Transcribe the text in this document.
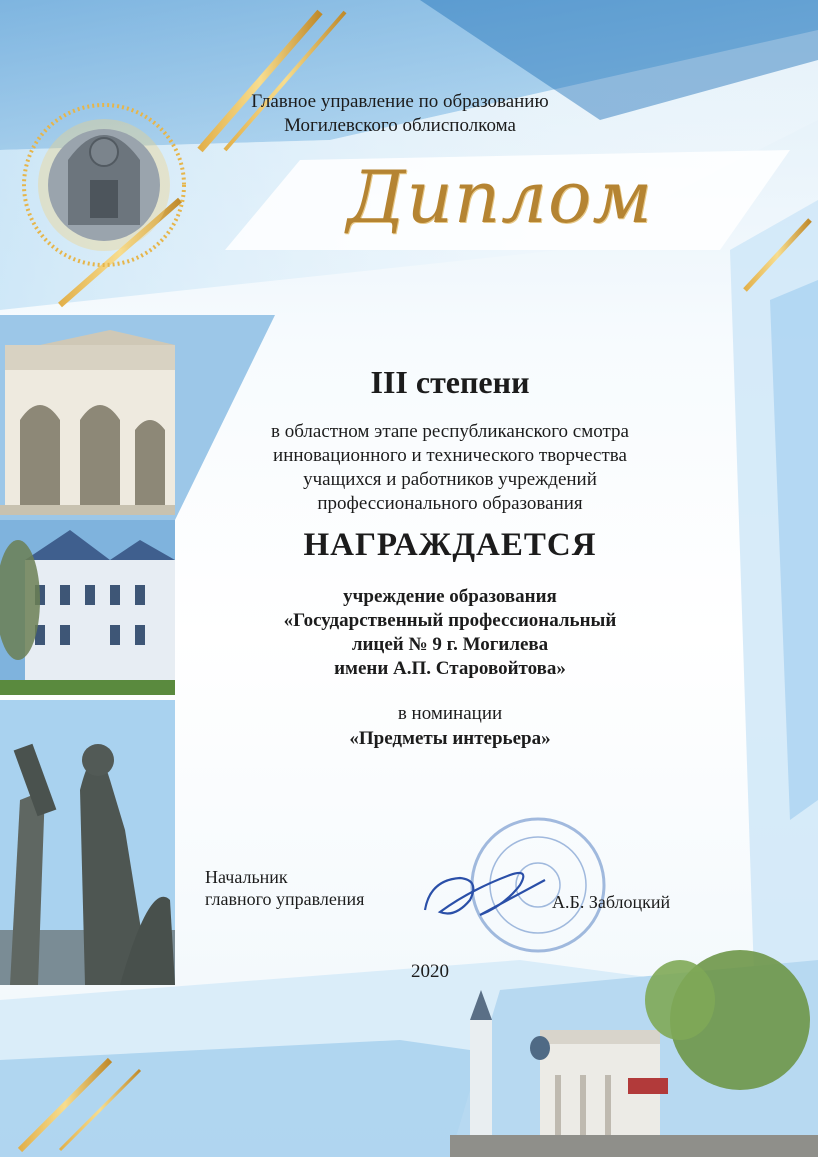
Главное управление по образованию
Могилевского облисполкома
Диплом
III степени
в областном этапе республиканского смотра
инновационного и технического творчества
учащихся и работников учреждений
профессионального образования
НАГРАЖДАЕТСЯ
учреждение образования
«Государственный профессиональный
лицей № 9 г. Могилева
имени А.П. Старовойтова»
в номинации
«Предметы интерьера»
Начальник
главного управления	А.Б. Заблоцкий
2020
